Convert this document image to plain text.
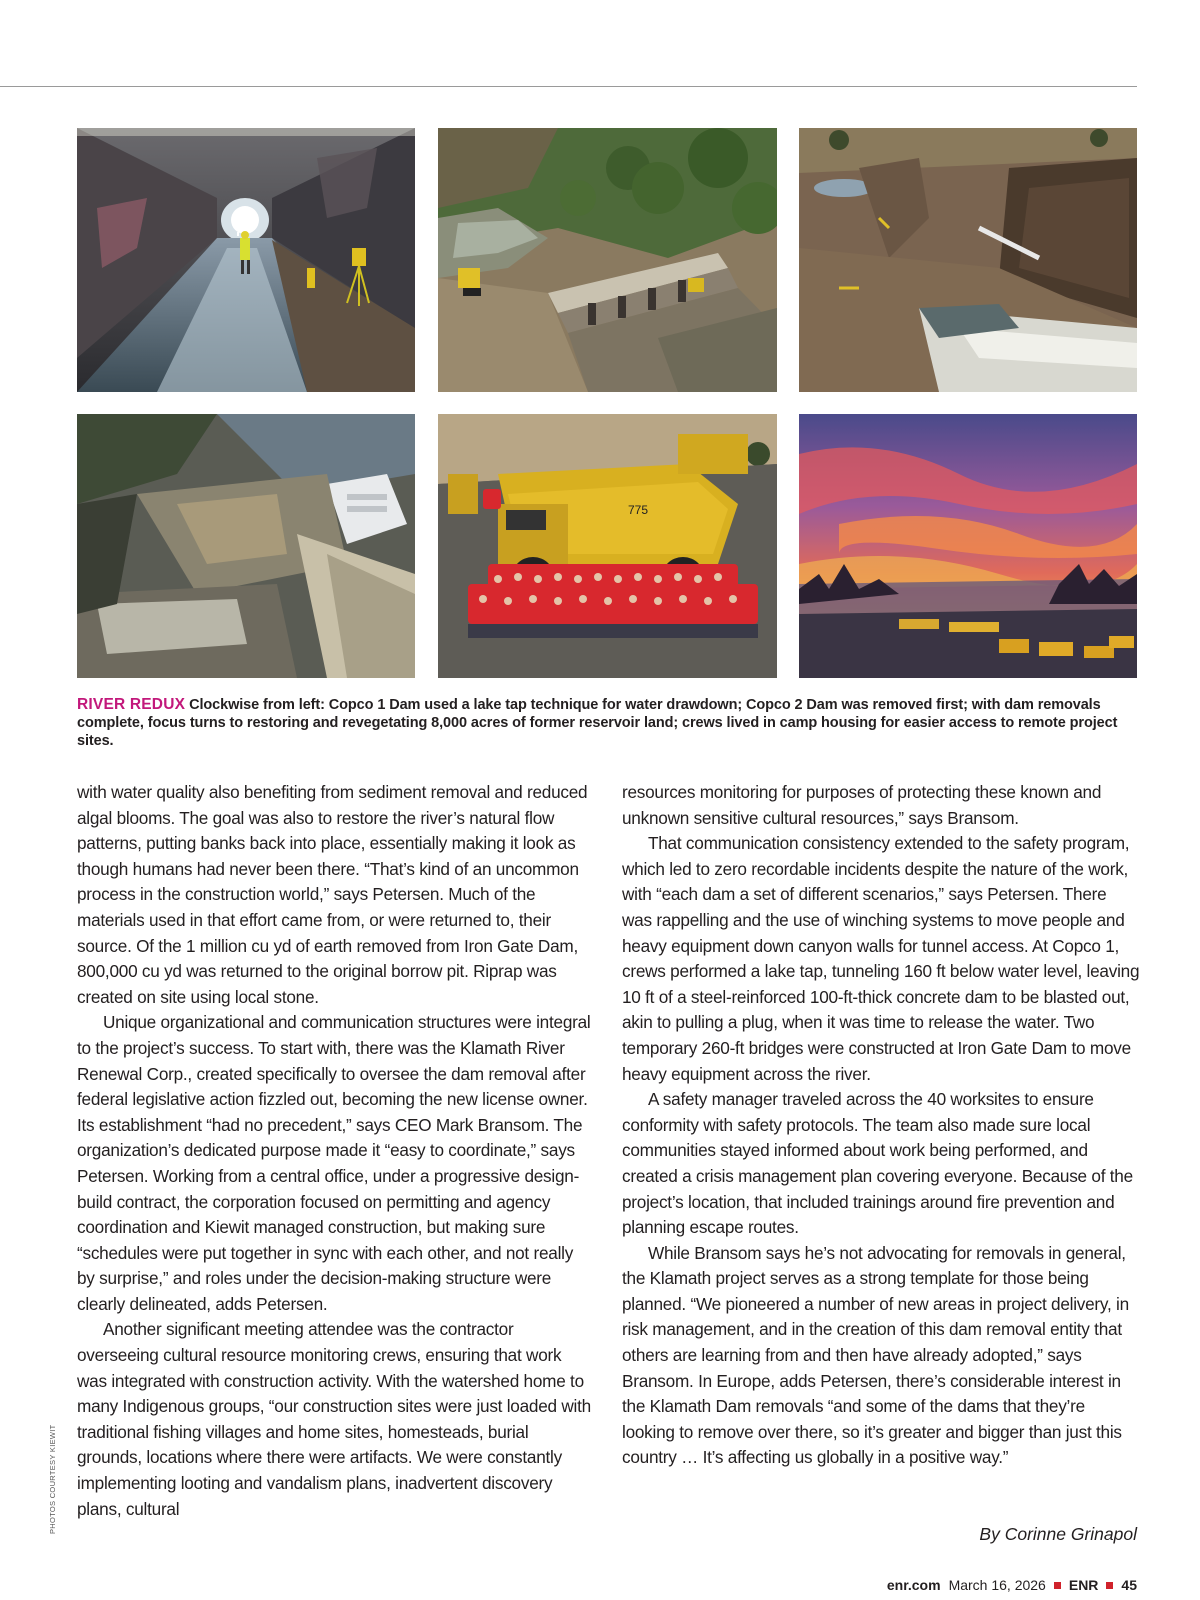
775
RIVER REDUX Clockwise from left: Copco 1 Dam used a lake tap technique for water drawdown; Copco 2 Dam was removed first; with dam removals complete, focus turns to restoring and revegetating 8,000 acres of former reservoir land; crews lived in camp housing for easier access to remote project sites.

with water quality also benefiting from sediment removal and reduced algal blooms. The goal was also to restore the river’s natural flow patterns, putting banks back into place, essentially making it look as though humans had never been there. “That’s kind of an uncommon process in the construction world,” says Petersen. Much of the materials used in that effort came from, or were returned to, their source. Of the 1 million cu yd of earth removed from Iron Gate Dam, 800,000 cu yd was returned to the original borrow pit. Riprap was created on site using local stone.

Unique organizational and communication structures were integral to the project’s success. To start with, there was the Klamath River Renewal Corp., created specifically to oversee the dam removal after federal legislative action fizzled out, becoming the new license owner. Its establishment “had no precedent,” says CEO Mark Bransom. The organization’s dedicated purpose made it “easy to coordinate,” says Petersen. Working from a central office, under a progressive design-build contract, the corporation focused on permitting and agency coordination and Kiewit managed construction, but making sure “schedules were put together in sync with each other, and not really by surprise,” and roles under the decision-making structure were clearly delineated, adds Petersen.

Another significant meeting attendee was the contractor overseeing cultural resource monitoring crews, ensuring that work was integrated with construction activity. With the watershed home to many Indigenous groups, “our construction sites were just loaded with traditional fishing villages and home sites, homesteads, burial grounds, locations where there were artifacts. We were constantly implementing looting and vandalism plans, inadvertent discovery plans, cultural

resources monitoring for purposes of protecting these known and unknown sensitive cultural resources,” says Bransom.

That communication consistency extended to the safety program, which led to zero recordable incidents despite the nature of the work, with “each dam a set of different scenarios,” says Petersen. There was rappelling and the use of winching systems to move people and heavy equipment down canyon walls for tunnel access. At Copco 1, crews performed a lake tap, tunneling 160 ft below water level, leaving 10 ft of a steel-reinforced 100-ft-thick concrete dam to be blasted out, akin to pulling a plug, when it was time to release the water. Two temporary 260-ft bridges were constructed at Iron Gate Dam to move heavy equipment across the river.

A safety manager traveled across the 40 worksites to ensure conformity with safety protocols. The team also made sure local communities stayed informed about work being performed, and created a crisis management plan covering everyone. Because of the project’s location, that included trainings around fire prevention and planning escape routes.

While Bransom says he’s not advocating for removals in general, the Klamath project serves as a strong template for those being planned. “We pioneered a number of new areas in project delivery, in risk management, and in the creation of this dam removal entity that others are learning from and then have already adopted,” says Bransom. In Europe, adds Petersen, there’s considerable interest in the Klamath Dam removals “and some of the dams that they’re looking to remove over there, so it’s greater and bigger than just this country … It’s affecting us globally in a positive way.”

By Corinne Grinapol
PHOTOS COURTESY KIEWIT
enr.com March 16, 2026 ENR 45
